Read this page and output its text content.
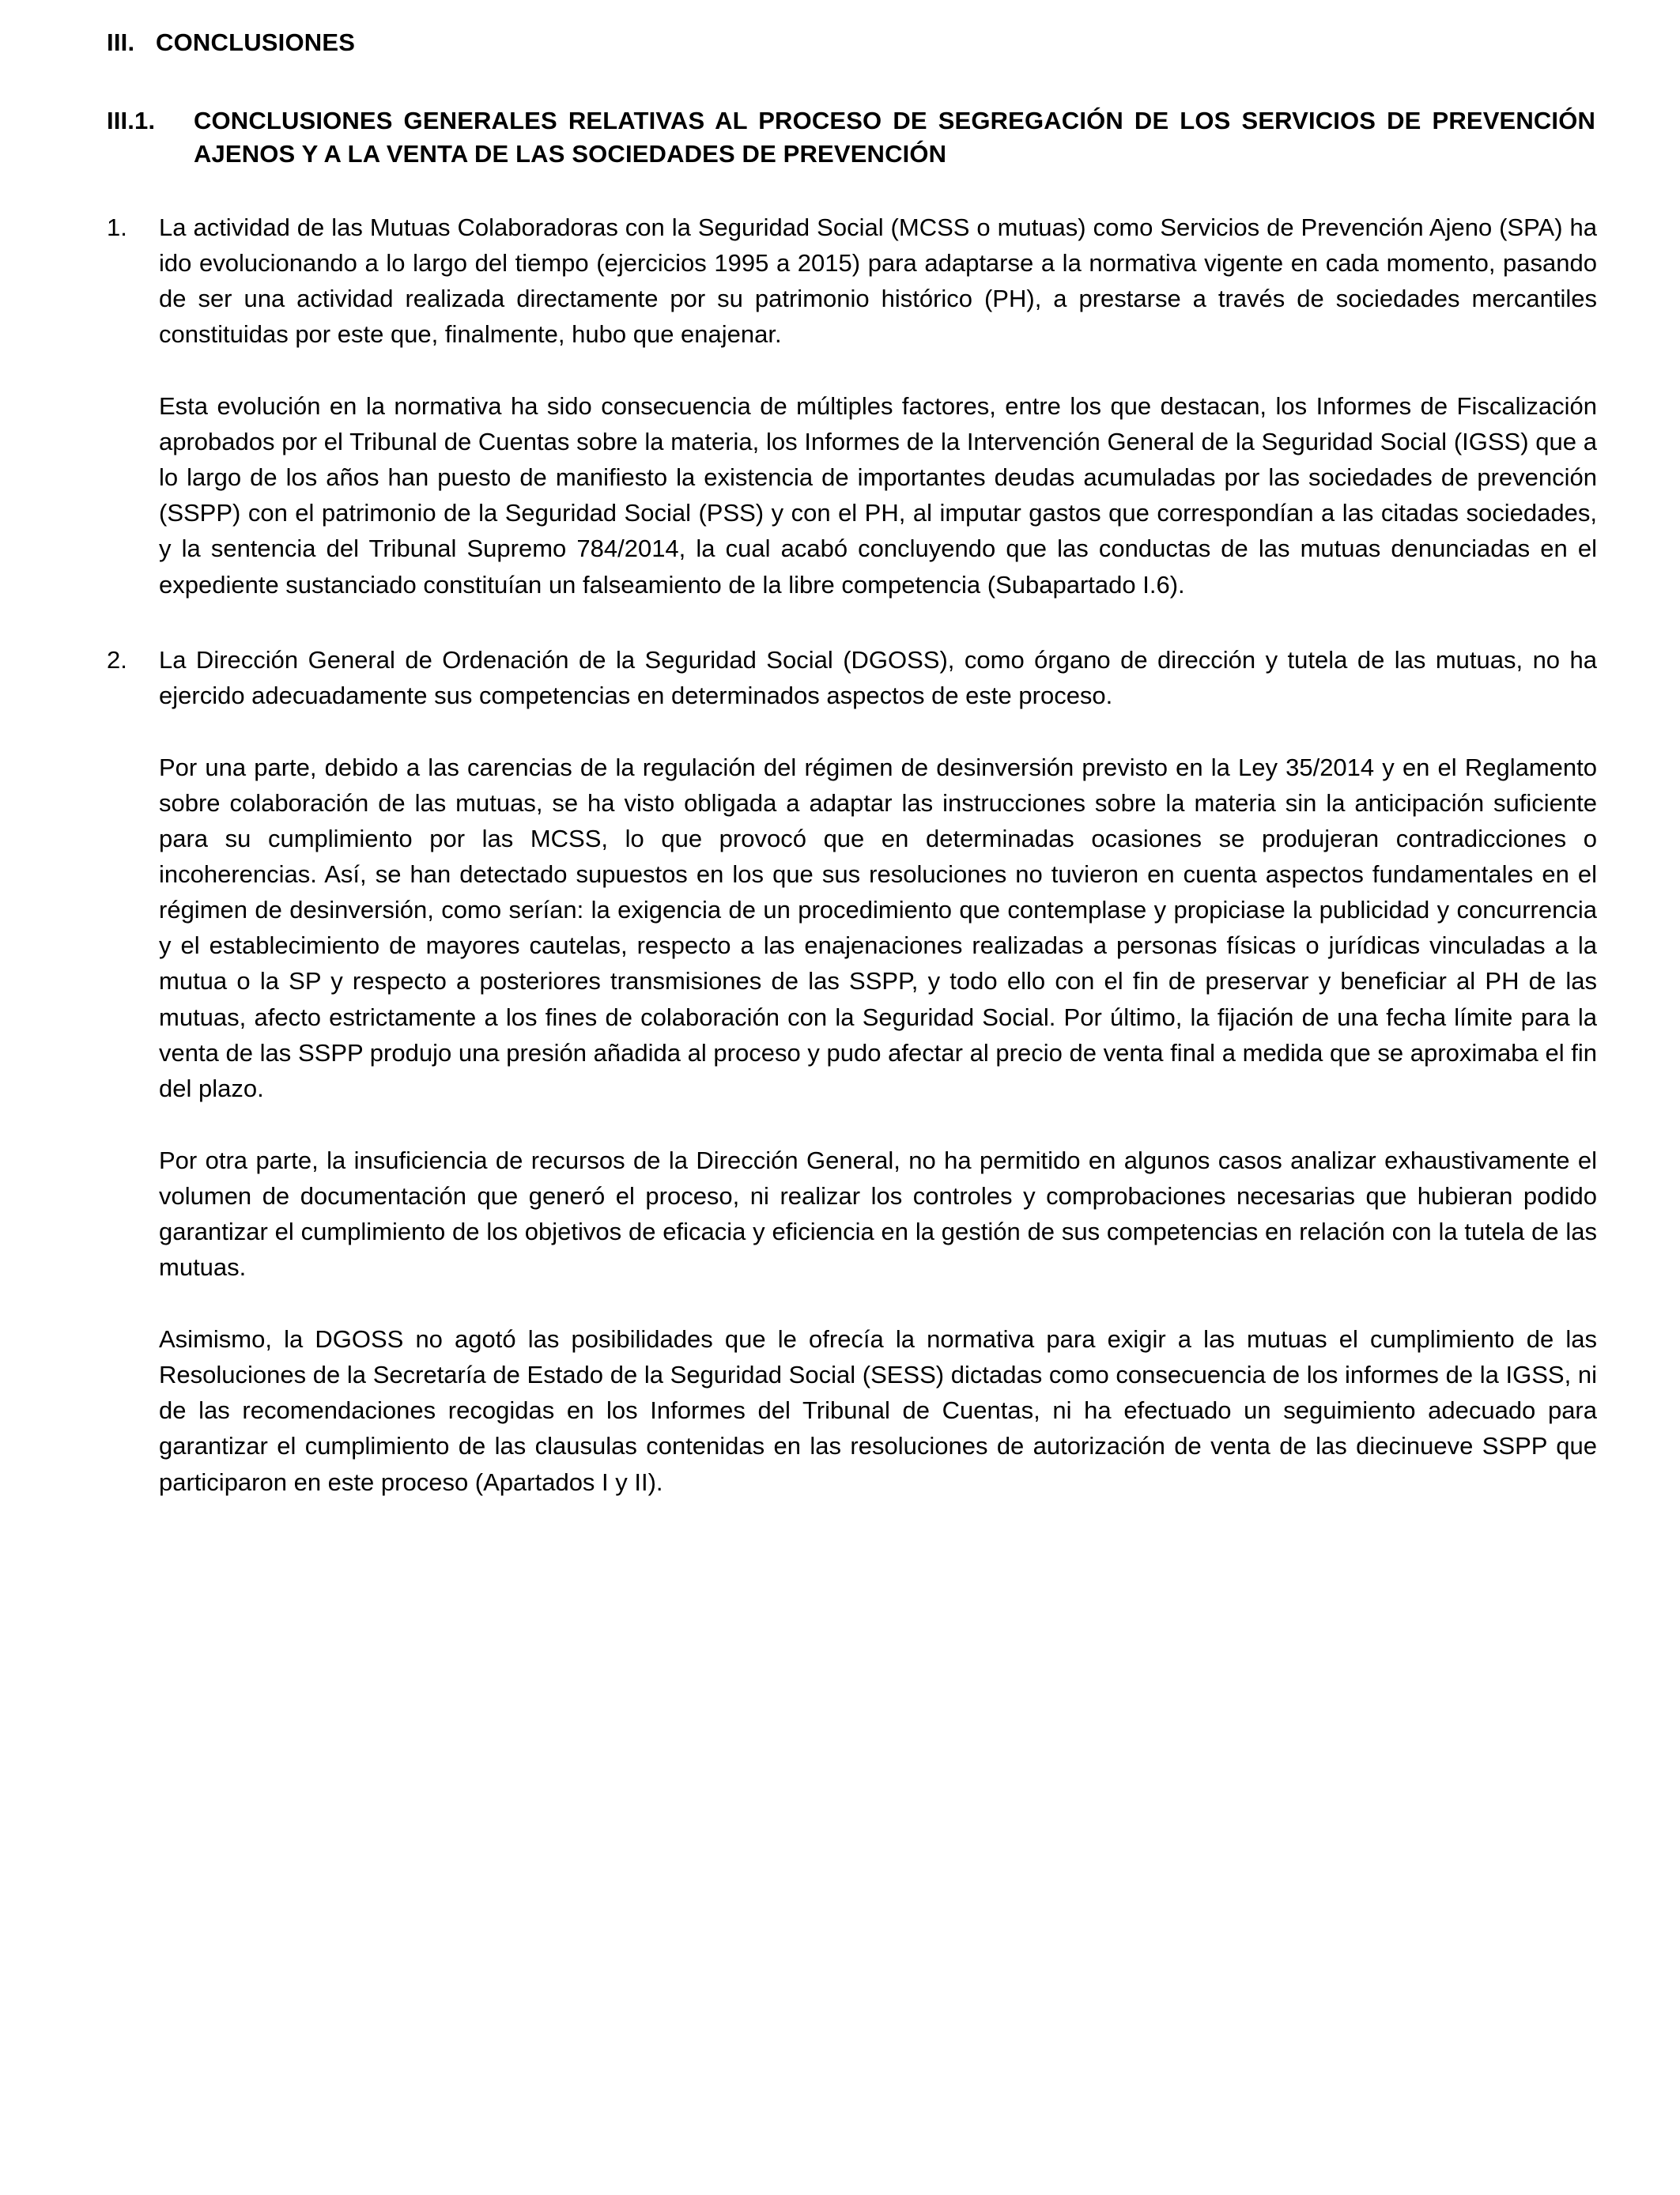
III. CONCLUSIONES
III.1.	CONCLUSIONES GENERALES RELATIVAS AL PROCESO DE SEGREGACIÓN DE LOS SERVICIOS DE PREVENCIÓN AJENOS Y A LA VENTA DE LAS SOCIEDADES DE PREVENCIÓN
1.	La actividad de las Mutuas Colaboradoras con la Seguridad Social (MCSS o mutuas) como Servicios de Prevención Ajeno (SPA) ha ido evolucionando a lo largo del tiempo (ejercicios 1995 a 2015) para adaptarse a la normativa vigente en cada momento, pasando de ser una actividad realizada directamente por su patrimonio histórico (PH), a prestarse a través de sociedades mercantiles constituidas por este que, finalmente, hubo que enajenar.

Esta evolución en la normativa ha sido consecuencia de múltiples factores, entre los que destacan, los Informes de Fiscalización aprobados por el Tribunal de Cuentas sobre la materia, los Informes de la Intervención General de la Seguridad Social (IGSS) que a lo largo de los años han puesto de manifiesto la existencia de importantes deudas acumuladas por las sociedades de prevención (SSPP) con el patrimonio de la Seguridad Social (PSS) y con el PH, al imputar gastos que correspondían a las citadas sociedades, y la sentencia del Tribunal Supremo 784/2014, la cual acabó concluyendo que las conductas de las mutuas denunciadas en el expediente sustanciado constituían un falseamiento de la libre competencia (Subapartado I.6).

2.	La Dirección General de Ordenación de la Seguridad Social (DGOSS), como órgano de dirección y tutela de las mutuas, no ha ejercido adecuadamente sus competencias en determinados aspectos de este proceso.

Por una parte, debido a las carencias de la regulación del régimen de desinversión previsto en la Ley 35/2014 y en el Reglamento sobre colaboración de las mutuas, se ha visto obligada a adaptar las instrucciones sobre la materia sin la anticipación suficiente para su cumplimiento por las MCSS, lo que provocó que en determinadas ocasiones se produjeran contradicciones o incoherencias. Así, se han detectado supuestos en los que sus resoluciones no tuvieron en cuenta aspectos fundamentales en el régimen de desinversión, como serían: la exigencia de un procedimiento que contemplase y propiciase la publicidad y concurrencia y el establecimiento de mayores cautelas, respecto a las enajenaciones realizadas a personas físicas o jurídicas vinculadas a la mutua o la SP y respecto a posteriores transmisiones de las SSPP, y todo ello con el fin de preservar y beneficiar al PH de las mutuas, afecto estrictamente a los fines de colaboración con la Seguridad Social. Por último, la fijación de una fecha límite para la venta de las SSPP produjo una presión añadida al proceso y pudo afectar al precio de venta final a medida que se aproximaba el fin del plazo.

Por otra parte, la insuficiencia de recursos de la Dirección General, no ha permitido en algunos casos analizar exhaustivamente el volumen de documentación que generó el proceso, ni realizar los controles y comprobaciones necesarias que hubieran podido garantizar el cumplimiento de los objetivos de eficacia y eficiencia en la gestión de sus competencias en relación con la tutela de las mutuas.

Asimismo, la DGOSS no agotó las posibilidades que le ofrecía la normativa para exigir a las mutuas el cumplimiento de las Resoluciones de la Secretaría de Estado de la Seguridad Social (SESS) dictadas como consecuencia de los informes de la IGSS, ni de las recomendaciones recogidas en los Informes del Tribunal de Cuentas, ni ha efectuado un seguimiento adecuado para garantizar el cumplimiento de las clausulas contenidas en las resoluciones de autorización de venta de las diecinueve SSPP que participaron en este proceso (Apartados I y II).
